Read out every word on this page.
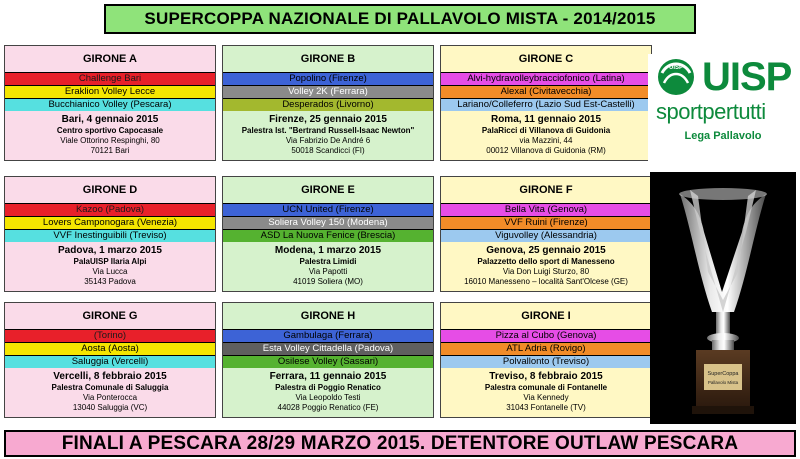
SUPERCOPPA NAZIONALE DI PALLAVOLO MISTA - 2014/2015
GIRONE A
Challenge Bari
Eraklion Volley Lecce
Bucchianico Volley (Pescara)
Bari, 4 gennaio 2015
Centro sportivo Capocasale
Viale Ottorino Respinghi, 80
70121 Bari
GIRONE B
Popolino (Firenze)
Volley 2K (Ferrara)
Desperados (Livorno)
Firenze, 25 gennaio 2015
Palestra Ist. "Bertrand Russell-Isaac Newton"
Via Fabrizio De André 6
50018 Scandicci (FI)
GIRONE C
Alvi-hydravolleybracciofonico (Latina)
Alexal (Civitavecchia)
Lariano/Colleferro (Lazio Sud Est-Castelli)
Roma, 11 gennaio 2015
PalaRicci di Villanova di Guidonia
via Mazzini, 44
00012 Villanova di Guidonia (RM)
GIRONE D
Kazoo (Padova)
Lovers Camponogara (Venezia)
VVF Inestinguibili (Treviso)
Padova, 1 marzo 2015
PalaUISP Ilaria Alpi
Via Lucca
35143 Padova
GIRONE E
UCN United (Firenze)
Soliera Volley 150 (Modena)
ASD La Nuova Fenice (Brescia)
Modena, 1 marzo 2015
Palestra Limidi
Via Papotti
41019 Soliera (MO)
GIRONE F
Bella Vita (Genova)
VVF Ruini (Firenze)
Viguvolley (Alessandria)
Genova, 25 gennaio 2015
Palazzetto dello sport di Manesseno
Via Don Luigi Sturzo, 80
16010 Manesseno – località Sant'Olcese (GE)
GIRONE G
(Torino)
Aosta (Aosta)
Saluggia (Vercelli)
Vercelli, 8 febbraio 2015
Palestra Comunale di Saluggia
Via Ponterocca
13040 Saluggia (VC)
GIRONE H
Gambulaga (Ferrara)
Esta Volley Cittadella (Padova)
Osilese Volley (Sassari)
Ferrara, 11 gennaio 2015
Palestra di Poggio Renatico
Via Leopoldo Testi
44028 Poggio Renatico (FE)
GIRONE I
Pizza al Cubo (Genova)
ATL Adria (Rovigo)
Polvallonto (Treviso)
Treviso, 8 febbraio 2015
Palestra comunale di Fontanelle
Via Kennedy
31043 Fontanelle (TV)
UISP UISP
sportpertutti
Lega Pallavolo
SuperCoppa
Pallavolo Mista
FINALI A PESCARA 28/29 MARZO 2015. DETENTORE OUTLAW PESCARA
